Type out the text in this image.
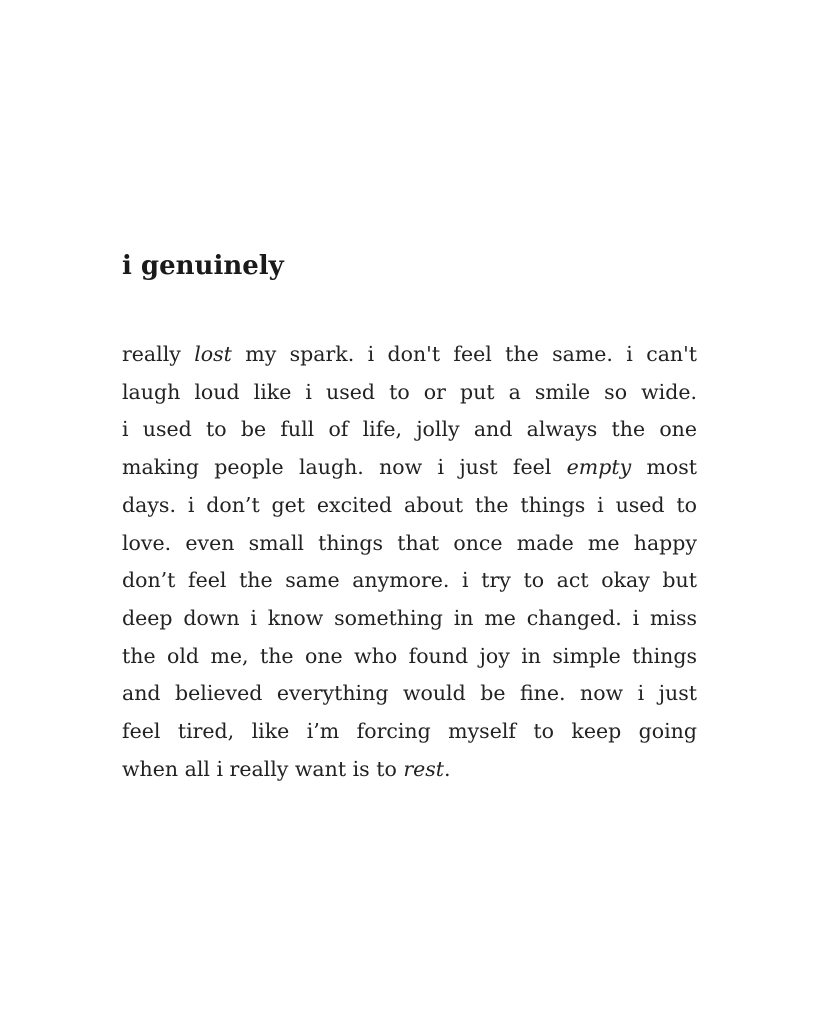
i genuinely
really lost my spark. i don't feel the same. i can't
laugh loud like i used to or put a smile so wide.
i used to be full of life, jolly and always the one
making people laugh. now i just feel empty most
days. i don’t get excited about the things i used to
love. even small things that once made me happy
don’t feel the same anymore. i try to act okay but
deep down i know something in me changed. i miss
the old me, the one who found joy in simple things
and believed everything would be fine. now i just
feel tired, like i’m forcing myself to keep going
when all i really want is to rest.
